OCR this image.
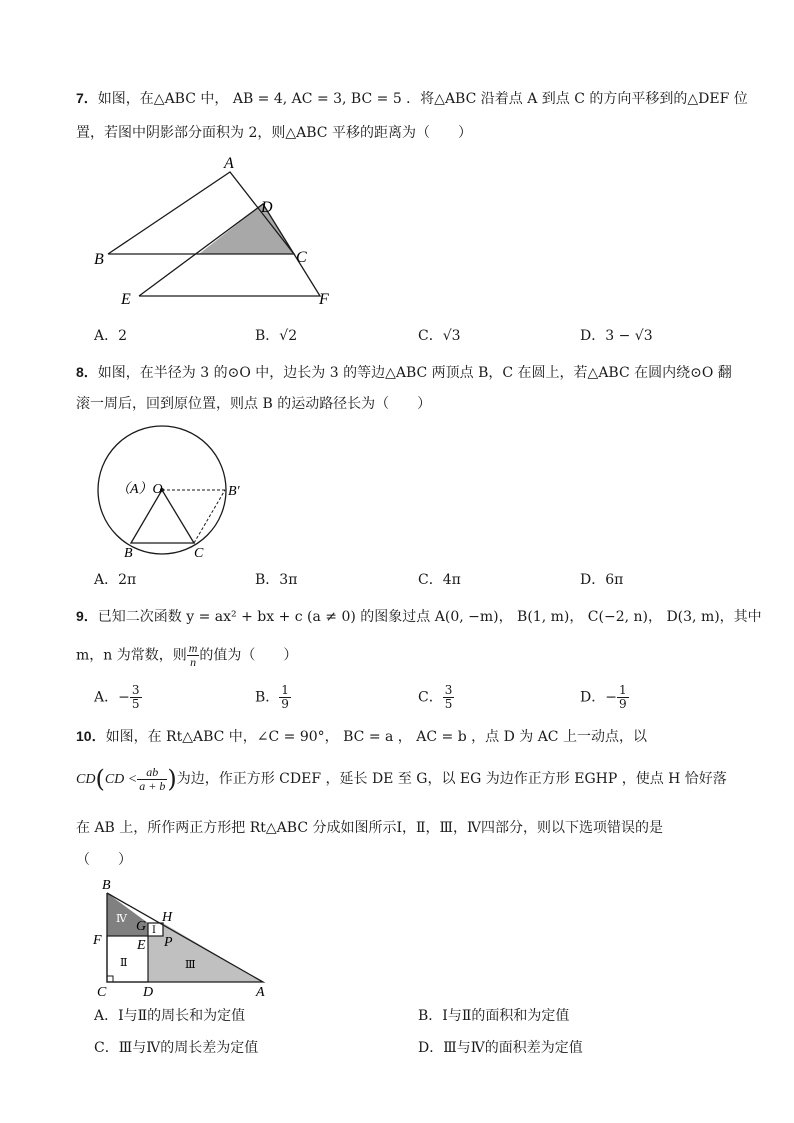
7．如图，在△ABC 中， AB = 4, AC = 3, BC = 5 ．将△ABC 沿着点 A 到点 C 的方向平移到的△DEF 位
置，若图中阴影部分面积为 2，则△ABC 平移的距离为（　　）
A
D
B	C
E	F
A．2	B．√2	C．√3	D．3 − √3
8．如图，在半径为 3 的⊙O 中，边长为 3 的等边△ABC 两顶点 B，C 在圆上，若△ABC 在圆内绕⊙O 翻
滚一周后，回到原位置，则点 B 的运动路径长为（　　）
（A）O	B′
B	C
A．2π	B．3π	C．4π	D．6π
9．已知二次函数 y = ax² + bx + c (a ≠ 0) 的图象过点 A(0, −m)， B(1, m)， C(−2, n)， D(3, m)，其中
m，n 为常数，则 $\frac{m}{n}$ 的值为（　　）
A．− $\frac{3}{5}$	B． $\frac{1}{9}$	C． $\frac{3}{5}$	D．− $\frac{1}{9}$
10．如图，在 Rt△ABC 中，∠C = 90°， BC = a ， AC = b ，点 D 为 AC 上一动点，以
$CD(CD < \frac{ab}{a + b}$ )为边，作正方形 CDEF ，延长 DE 至 G，以 EG 为边作正方形 EGHP ，使点 H 恰好落
在 AB 上，所作两正方形把 Rt△ABC 分成如图所示Ⅰ，Ⅱ，Ⅲ，Ⅳ四部分，则以下选项错误的是
（　　）
B
G
H
F	E P
C	D	A
Ⅳ
Ⅰ
Ⅱ	Ⅲ
A．Ⅰ与Ⅱ的周长和为定值	B．Ⅰ与Ⅱ的面积和为定值
C．Ⅲ与Ⅳ的周长差为定值	D．Ⅲ与Ⅳ的面积差为定值
